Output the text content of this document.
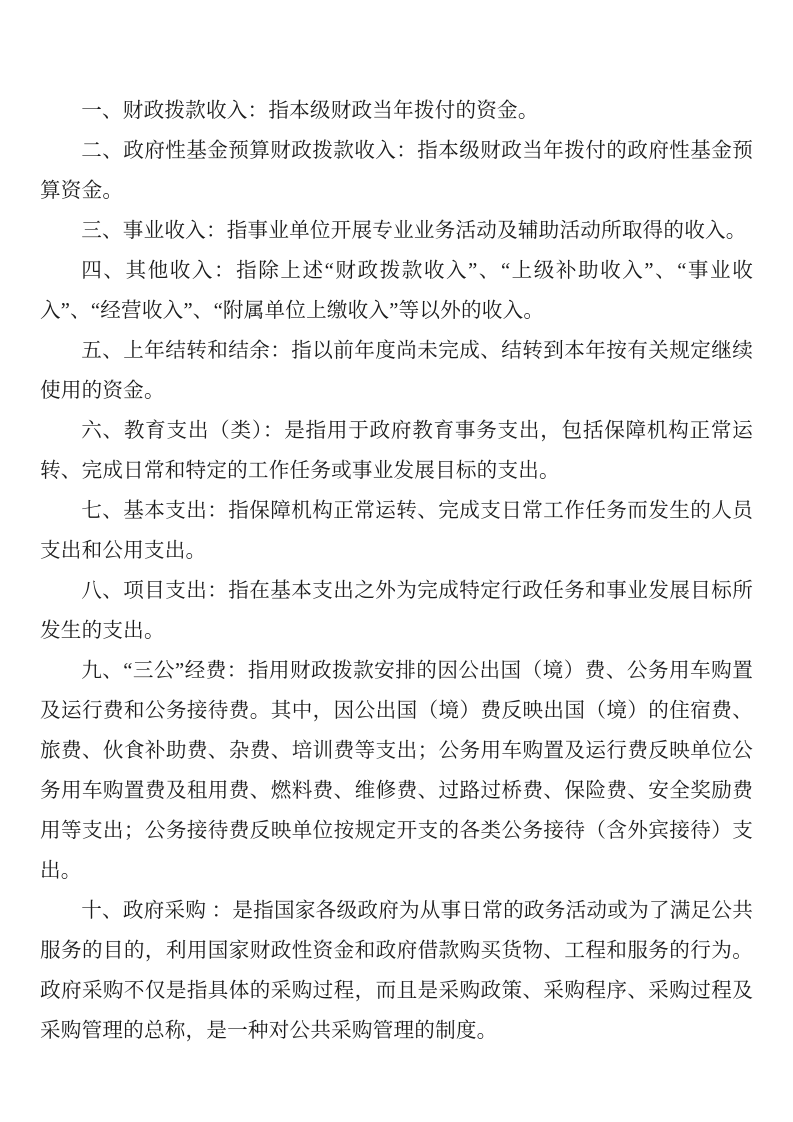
一、财政拨款收入：指本级财政当年拨付的资金。

二、政府性基金预算财政拨款收入：指本级财政当年拨付的政府性基金预算资金。

三、事业收入：指事业单位开展专业业务活动及辅助活动所取得的收入。

四、其他收入：指除上述“财政拨款收入”、“上级补助收入”、“事业收入”、“经营收入”、“附属单位上缴收入”等以外的收入。

五、上年结转和结余：指以前年度尚未完成、结转到本年按有关规定继续使用的资金。

六、教育支出（类）：是指用于政府教育事务支出，包括保障机构正常运转、完成日常和特定的工作任务或事业发展目标的支出。

七、基本支出：指保障机构正常运转、完成支日常工作任务而发生的人员支出和公用支出。

八、项目支出：指在基本支出之外为完成特定行政任务和事业发展目标所发生的支出。

九、“三公”经费：指用财政拨款安排的因公出国（境）费、公务用车购置及运行费和公务接待费。其中，因公出国（境）费反映出国（境）的住宿费、旅费、伙食补助费、杂费、培训费等支出；公务用车购置及运行费反映单位公务用车购置费及租用费、燃料费、维修费、过路过桥费、保险费、安全奖励费用等支出；公务接待费反映单位按规定开支的各类公务接待（含外宾接待）支出。

十、政府采购 ：是指国家各级政府为从事日常的政务活动或为了满足公共服务的目的，利用国家财政性资金和政府借款购买货物、工程和服务的行为。政府采购不仅是指具体的采购过程，而且是采购政策、采购程序、采购过程及采购管理的总称，是一种对公共采购管理的制度。
